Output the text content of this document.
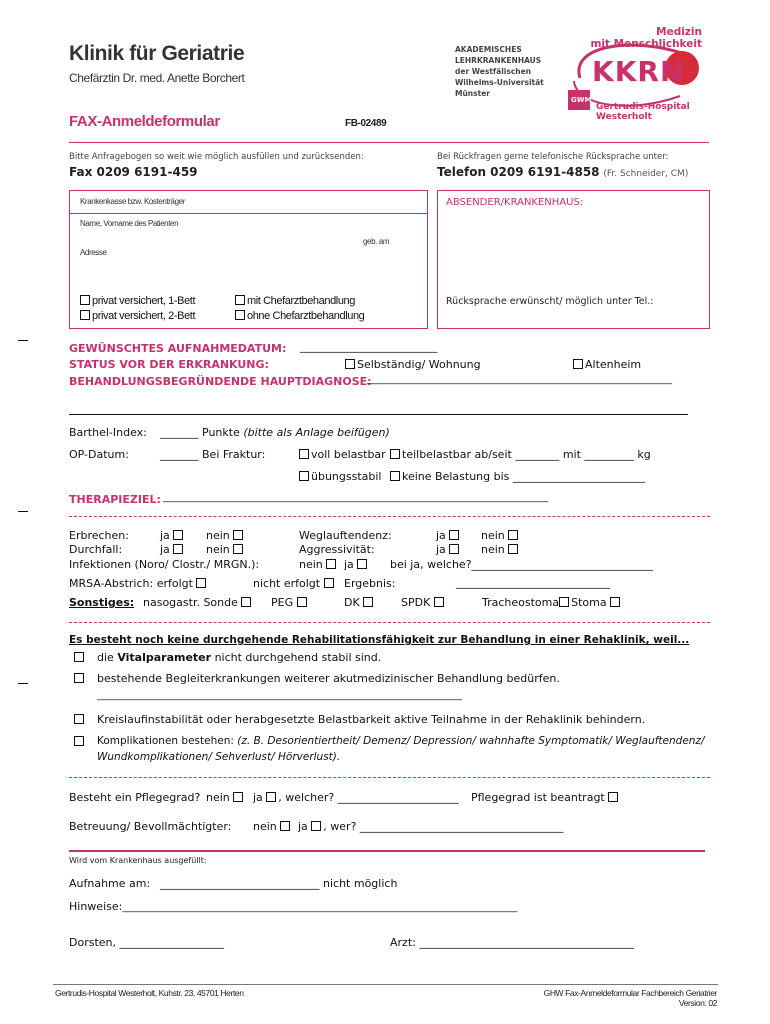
Klinik für Geriatrie
Chefärztin Dr. med. Anette Borchert
AKADEMISCHES
LEHRKRANKENHAUS
der Westfälischen
Wilhelms-Universität
Münster
Medizin
mit Menschlichkeit
KKRN
GWM
Gertrudis-Hospital
Westerholt
FAX-Anmeldeformular	FB-02489
Bitte Anfragebogen so weit wie möglich ausfüllen und zurücksenden:
Fax 0209 6191-459
Bei Rückfragen gerne telefonische Rücksprache unter:
Telefon 0209 6191-4858 (Fr. Schneider, CM)
Krankenkasse bzw. Kostenträger
Name, Vorname des Patienten
geb. am
Adresse
privat versichert, 1-Bett
privat versichert, 2-Bett
mit Chefarztbehandlung
ohne Chefarztbehandlung
ABSENDER/KRANKENHAUS:
Rücksprache erwünscht/ möglich unter Tel.:
GEWÜNSCHTES AUFNAHMEDATUM: _________________________
STATUS VOR DER ERKRANKUNG:	Selbständig/ Wohnung	Altenheim
BEHANDLUNGSBEGRÜNDENDE HAUPTDIAGNOSE:
_____________________________________________________________
Barthel-Index: _______ Punkte (bitte als Anlage beifügen)
OP-Datum:	_______ Bei Fraktur:	voll belastbar	teilbelastbar ab/seit ________ mit _________ kg
übungsstabil	keine Belastung bis ________________________
THERAPIEZIEL: _____________________________________________________________________________
Erbrechen:	ja	nein	Weglauftendenz:	ja	nein
Durchfall:	ja	nein	Aggressivität:	ja	nein
Infektionen (Noro/ Clostr./ MRGN.):	nein	ja	bei ja, welche?_________________________________
MRSA-Abstrich: erfolgt	nicht erfolgt	Ergebnis:	____________________________
Sonstiges: nasogastr. Sonde	PEG	DK	SPDK	Tracheostoma Stoma
Es besteht noch keine durchgehende Rehabilitationsfähigkeit zur Behandlung in einer Rehaklinik, weil...
die Vitalparameter nicht durchgehend stabil sind.
bestehende Begleiterkrankungen weiterer akutmedizinischer Behandlung bedürfen.
_________________________________________________________________________
Kreislaufinstabilität oder herabgesetzte Belastbarkeit aktive Teilnahme in der Rehaklinik behindern.
Komplikationen bestehen: (z. B. Desorientiertheit/ Demenz/ Depression/ wahnhafte Symptomatik/ Weglauftendenz/
Wundkomplikationen/ Sehverlust/ Hörverlust).
Besteht ein Pflegegrad? nein	ja , welcher? ______________________ Pflegegrad ist beantragt
Betreuung/ Bevollmächtigter: nein	ja , wer? _____________________________________
Wird vom Krankenhaus ausgefüllt:
Aufnahme am: _____________________________ nicht möglich
Hinweise:_______________________________________________________________________________
Dorsten, ___________________	Arzt: _______________________________________
Gertrudis-Hospital Westerholt, Kuhstr. 23, 45701 Herten	GHW Fax-Anmeldeformular Fachbereich Geriatrier
Version: 02
